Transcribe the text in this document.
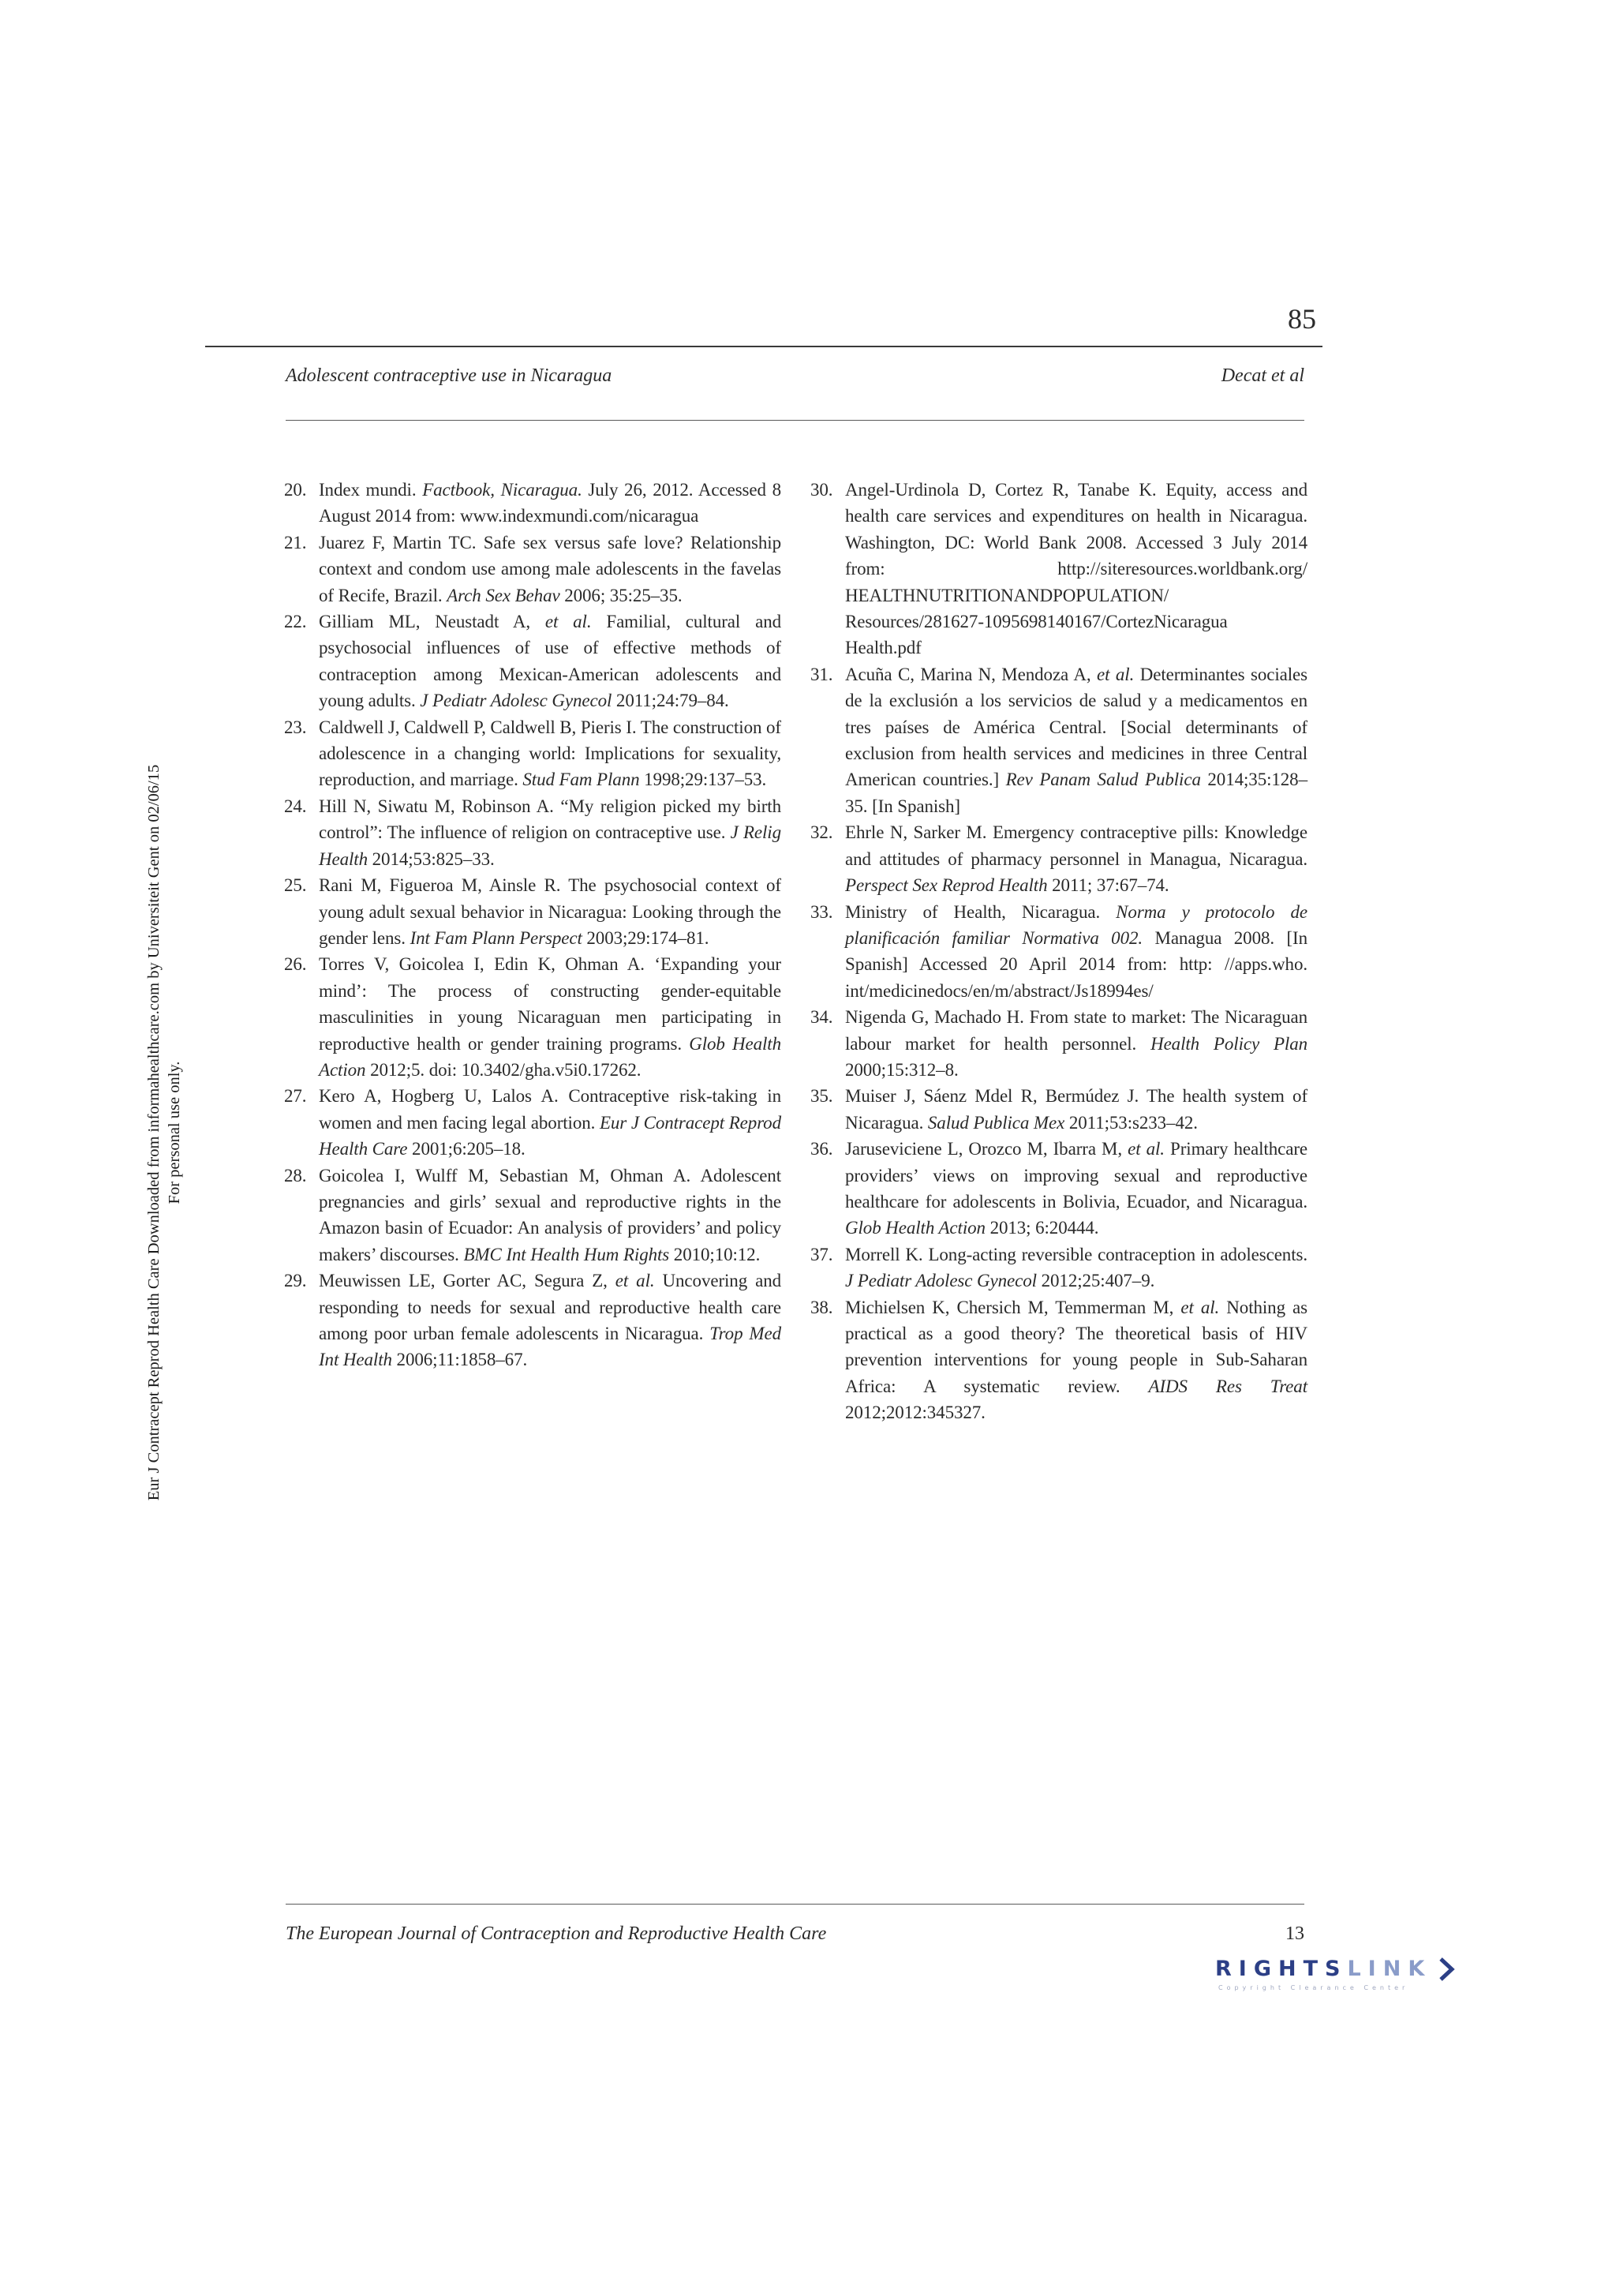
85
Adolescent contraceptive use in Nicaragua	Decat et al
Eur J Contracept Reprod Health Care Downloaded from informahealthcare.com by Universiteit Gent on 02/06/15 For personal use only.
20. Index mundi. Factbook, Nicaragua. July 26, 2012. Accessed 8 August 2014 from: www.indexmundi.com/nicaragua
21. Juarez F, Martin TC. Safe sex versus safe love? Relationship context and condom use among male adolescents in the favelas of Recife, Brazil. Arch Sex Behav 2006; 35:25–35.
22. Gilliam ML, Neustadt A, et al. Familial, cultural and psychosocial influences of use of effective methods of contraception among Mexican-American adolescents and young adults. J Pediatr Adolesc Gynecol 2011;24:79–84.
23. Caldwell J, Caldwell P, Caldwell B, Pieris I. The construction of adolescence in a changing world: Implications for sexuality, reproduction, and marriage. Stud Fam Plann 1998;29:137–53.
24. Hill N, Siwatu M, Robinson A. “My religion picked my birth control”: The influence of religion on contraceptive use. J Relig Health 2014;53:825–33.
25. Rani M, Figueroa M, Ainsle R. The psychosocial context of young adult sexual behavior in Nicaragua: Looking through the gender lens. Int Fam Plann Perspect 2003;29:174–81.
26. Torres V, Goicolea I, Edin K, Ohman A. ‘Expanding your mind’: The process of constructing gender-equitable masculinities in young Nicaraguan men participating in reproductive health or gender training programs. Glob Health Action 2012;5. doi: 10.3402/gha.v5i0.17262.
27. Kero A, Hogberg U, Lalos A. Contraceptive risk-taking in women and men facing legal abortion. Eur J Contracept Reprod Health Care 2001;6:205–18.
28. Goicolea I, Wulff M, Sebastian M, Ohman A. Adolescent pregnancies and girls’ sexual and reproductive rights in the Amazon basin of Ecuador: An analysis of providers’ and policy makers’ discourses. BMC Int Health Hum Rights 2010;10:12.
29. Meuwissen LE, Gorter AC, Segura Z, et al. Uncovering and responding to needs for sexual and reproductive health care among poor urban female adolescents in Nicaragua. Trop Med Int Health 2006;11:1858–67.
30. Angel-Urdinola D, Cortez R, Tanabe K. Equity, access and health care services and expenditures on health in Nicaragua. Washington, DC: World Bank 2008. Accessed 3 July 2014 from: http://siteresources.worldbank.org/ HEALTHNUTRITIONANDPOPULATION/ Resources/281627-1095698140167/CortezNicaragua Health.pdf
31. Acuña C, Marina N, Mendoza A, et al. Determinantes sociales de la exclusión a los servicios de salud y a medicamentos en tres países de América Central. [Social determinants of exclusion from health services and medicines in three Central American countries.] Rev Panam Salud Publica 2014;35:128–35. [In Spanish]
32. Ehrle N, Sarker M. Emergency contraceptive pills: Knowledge and attitudes of pharmacy personnel in Managua, Nicaragua. Perspect Sex Reprod Health 2011; 37:67–74.
33. Ministry of Health, Nicaragua. Norma y protocolo de planificación familiar Normativa 002. Managua 2008. [In Spanish] Accessed 20 April 2014 from: http: //apps.who. int/medicinedocs/en/m/abstract/Js18994es/
34. Nigenda G, Machado H. From state to market: The Nicaraguan labour market for health personnel. Health Policy Plan 2000;15:312–8.
35. Muiser J, Sáenz Mdel R, Bermúdez J. The health system of Nicaragua. Salud Publica Mex 2011;53:s233–42.
36. Jaruseviciene L, Orozco M, Ibarra M, et al. Primary healthcare providers’ views on improving sexual and reproductive healthcare for adolescents in Bolivia, Ecuador, and Nicaragua. Glob Health Action 2013; 6:20444.
37. Morrell K. Long-acting reversible contraception in adolescents. J Pediatr Adolesc Gynecol 2012;25:407–9.
38. Michielsen K, Chersich M, Temmerman M, et al. Nothing as practical as a good theory? The theoretical basis of HIV prevention interventions for young people in Sub-Saharan Africa: A systematic review. AIDS Res Treat 2012;2012:345327.
The European Journal of Contraception and Reproductive Health Care	13
RIGHTSLINK
Copyright Clearance Center
